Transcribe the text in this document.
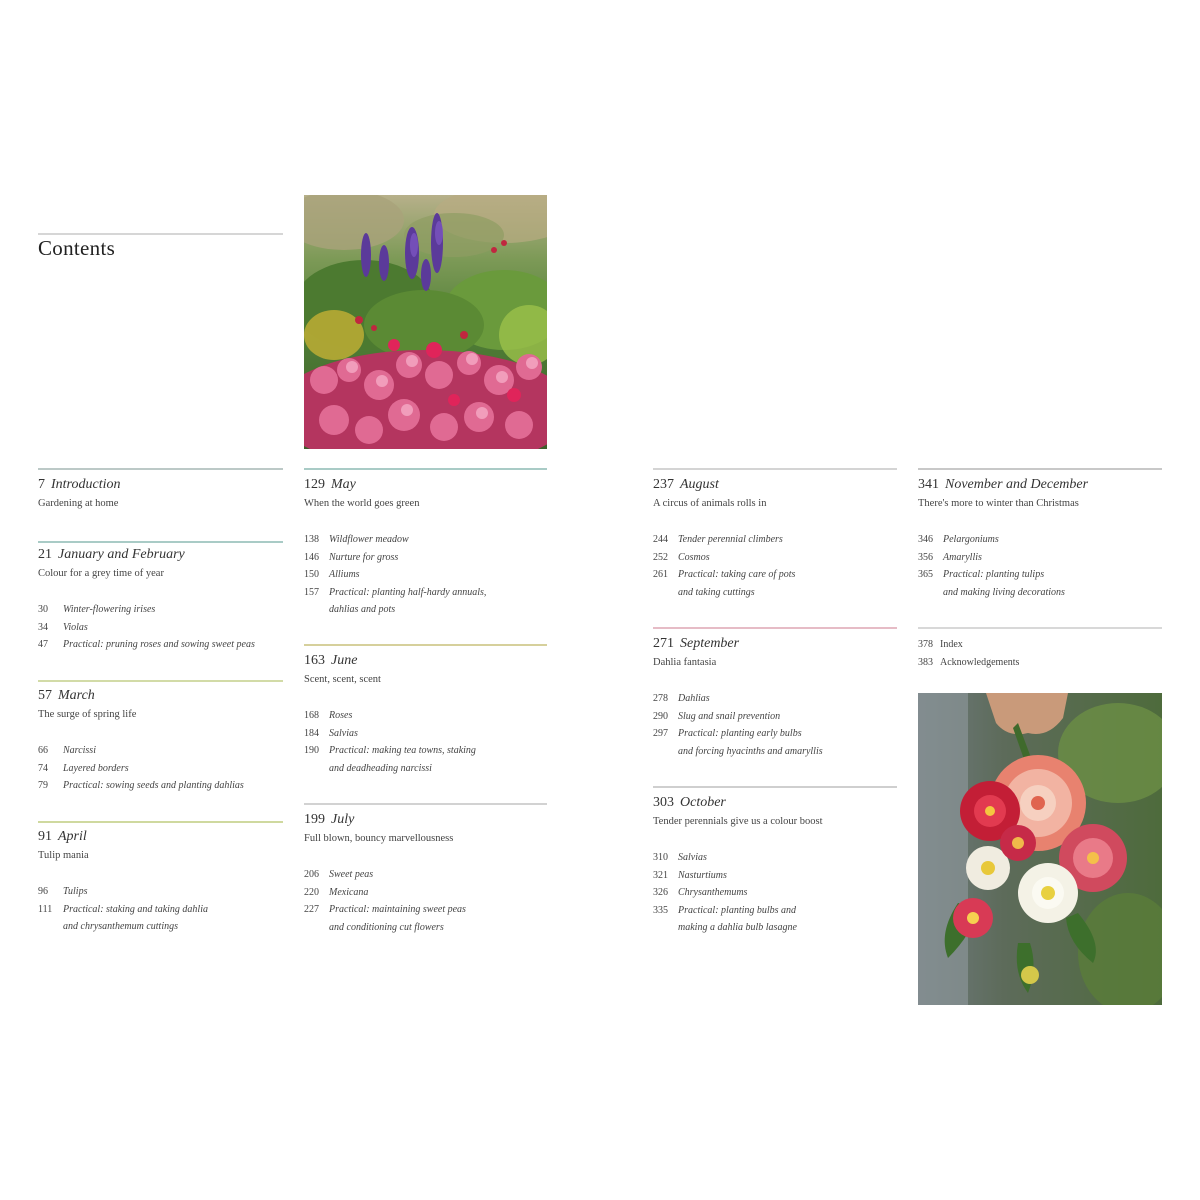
Contents
7 Introduction
Gardening at home
21 January and February
Colour for a grey time of year
30	Winter-flowering irises
34	Violas
47	Practical: pruning roses and sowing sweet peas
57 March
The surge of spring life
66	Narcissi
74	Layered borders
79	Practical: sowing seeds and planting dahlias
91 April
Tulip mania
96	Tulips
111	Practical: staking and taking dahlia
and chrysanthemum cuttings
129 May
When the world goes green
138	Wildflower meadow
146	Nurture for gross
150	Alliums
157	Practical: planting half-hardy annuals,
dahlias and pots
163 June
Scent, scent, scent
168	Roses
184	Salvias
190	Practical: making tea towns, staking
and deadheading narcissi
199 July
Full blown, bouncy marvellousness
206	Sweet peas
220	Mexicana
227	Practical: maintaining sweet peas
and conditioning cut flowers
237 August
A circus of animals rolls in
244	Tender perennial climbers
252	Cosmos
261	Practical: taking care of pots
and taking cuttings
271 September
Dahlia fantasia
278	Dahlias
290	Slug and snail prevention
297	Practical: planting early bulbs
and forcing hyacinths and amaryllis
303 October
Tender perennials give us a colour boost
310	Salvias
321	Nasturtiums
326	Chrysanthemums
335	Practical: planting bulbs and
making a dahlia bulb lasagne
341 November and December
There's more to winter than Christmas
346	Pelargoniums
356	Amaryllis
365	Practical: planting tulips
and making living decorations
378 Index
383 Acknowledgements
